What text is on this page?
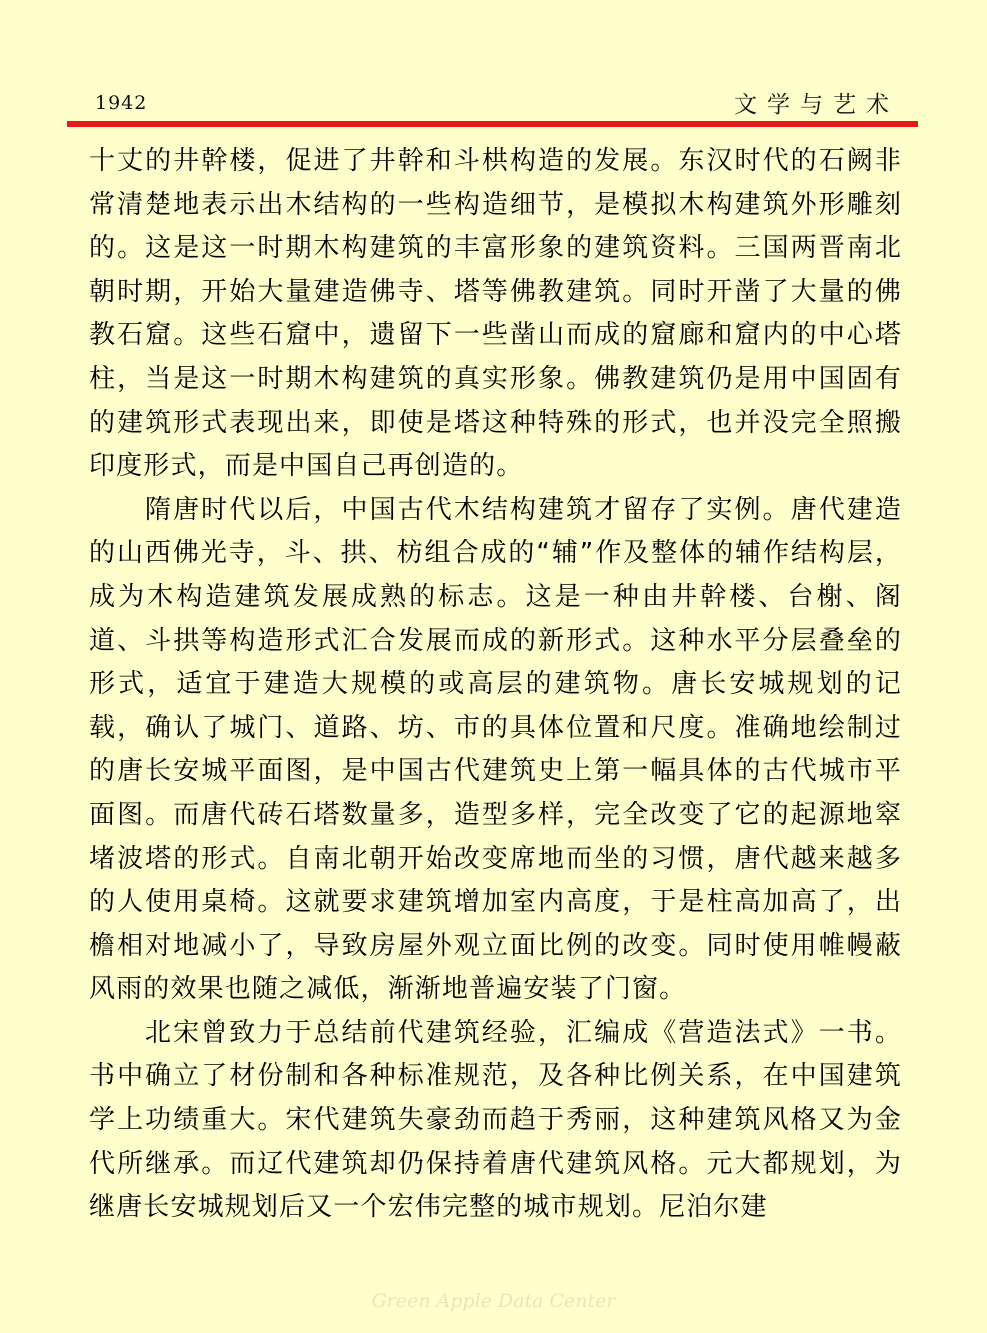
1942	文学与艺术

十丈的井幹楼，促进了井幹和斗栱构造的发展。东汉时代的石阙非常清楚地表示出木结构的一些构造细节，是模拟木构建筑外形雕刻的。这是这一时期木构建筑的丰富形象的建筑资料。三国两晋南北朝时期，开始大量建造佛寺、塔等佛教建筑。同时开凿了大量的佛教石窟。这些石窟中，遗留下一些凿山而成的窟廊和窟内的中心塔柱，当是这一时期木构建筑的真实形象。佛教建筑仍是用中国固有的建筑形式表现出来，即使是塔这种特殊的形式，也并没完全照搬印度形式，而是中国自己再创造的。

隋唐时代以后，中国古代木结构建筑才留存了实例。唐代建造的山西佛光寺，斗、拱、枋组合成的“辅”作及整体的辅作结构层，成为木构造建筑发展成熟的标志。这是一种由井幹楼、台榭、阁道、斗拱等构造形式汇合发展而成的新形式。这种水平分层叠垒的形式，适宜于建造大规模的或高层的建筑物。唐长安城规划的记载，确认了城门、道路、坊、市的具体位置和尺度。准确地绘制过的唐长安城平面图，是中国古代建筑史上第一幅具体的古代城市平面图。而唐代砖石塔数量多，造型多样，完全改变了它的起源地窣堵波塔的形式。自南北朝开始改变席地而坐的习惯，唐代越来越多的人使用桌椅。这就要求建筑增加室内高度，于是柱高加高了，出檐相对地减小了，导致房屋外观立面比例的改变。同时使用帷幔蔽风雨的效果也随之减低，渐渐地普遍安装了门窗。

北宋曾致力于总结前代建筑经验，汇编成《营造法式》一书。书中确立了材份制和各种标准规范，及各种比例关系，在中国建筑学上功绩重大。宋代建筑失豪劲而趋于秀丽，这种建筑风格又为金代所继承。而辽代建筑却仍保持着唐代建筑风格。元大都规划，为继唐长安城规划后又一个宏伟完整的城市规划。尼泊尔建

Green Apple Data Center
